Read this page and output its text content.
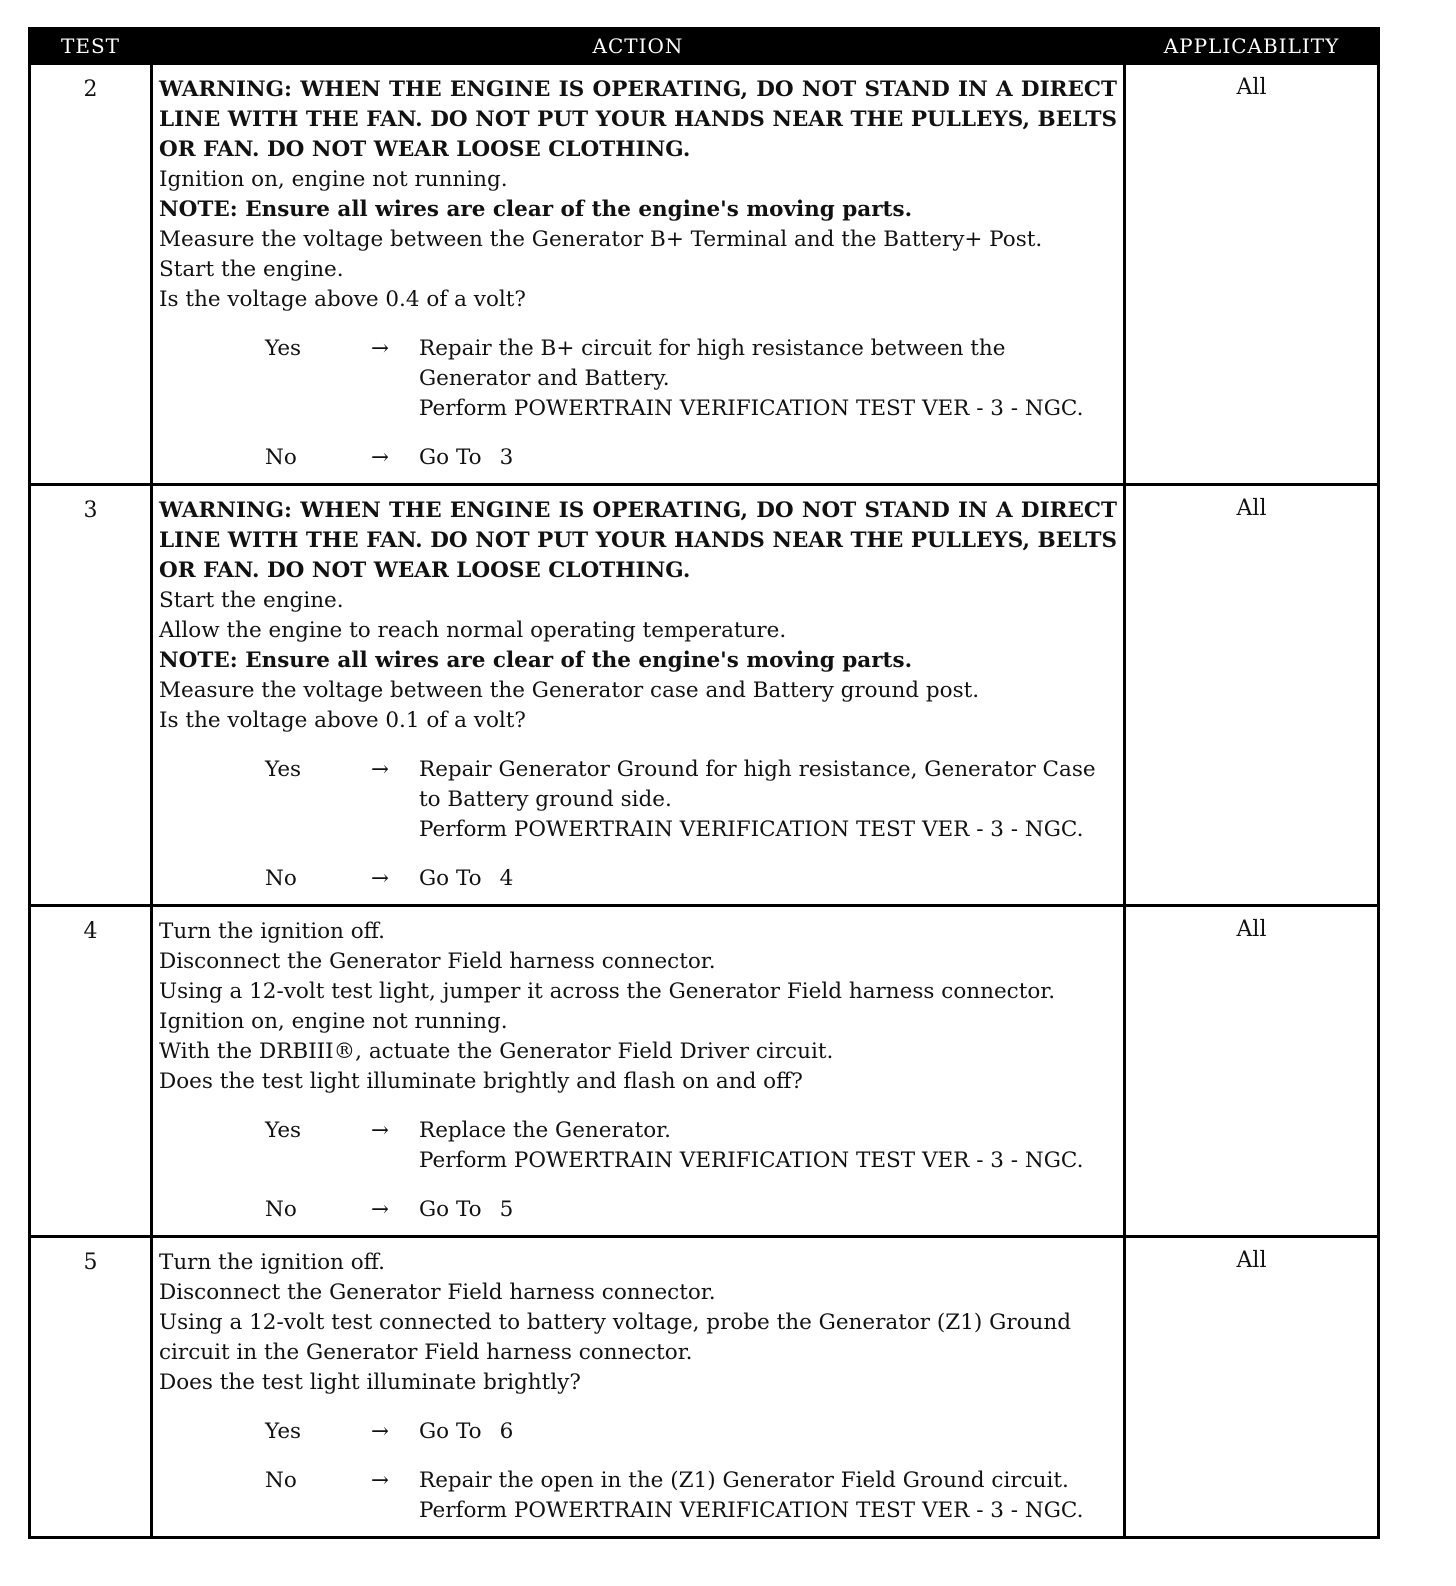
TEST	ACTION	APPLICABILITY
2	WARNING: WHEN THE ENGINE IS OPERATING, DO NOT STAND IN A DIRECT LINE WITH THE FAN. DO NOT PUT YOUR HANDS NEAR THE PULLEYS, BELTS OR FAN. DO NOT WEAR LOOSE CLOTHING.
Ignition on, engine not running.
NOTE: Ensure all wires are clear of the engine's moving parts.
Measure the voltage between the Generator B+ Terminal and the Battery+ Post.
Start the engine.
Is the voltage above 0.4 of a volt?
Yes	→	Repair the B+ circuit for high resistance between the Generator and Battery.
Perform POWERTRAIN VERIFICATION TEST VER - 3 - NGC.
No	→	Go To 3
All
3	WARNING: WHEN THE ENGINE IS OPERATING, DO NOT STAND IN A DIRECT LINE WITH THE FAN. DO NOT PUT YOUR HANDS NEAR THE PULLEYS, BELTS OR FAN. DO NOT WEAR LOOSE CLOTHING.
Start the engine.
Allow the engine to reach normal operating temperature.
NOTE: Ensure all wires are clear of the engine's moving parts.
Measure the voltage between the Generator case and Battery ground post.
Is the voltage above 0.1 of a volt?
Yes	→	Repair Generator Ground for high resistance, Generator Case to Battery ground side.
Perform POWERTRAIN VERIFICATION TEST VER - 3 - NGC.
No	→	Go To 4
All
4	Turn the ignition off.
Disconnect the Generator Field harness connector.
Using a 12-volt test light, jumper it across the Generator Field harness connector.
Ignition on, engine not running.
With the DRBIII®, actuate the Generator Field Driver circuit.
Does the test light illuminate brightly and flash on and off?
Yes	→	Replace the Generator.
Perform POWERTRAIN VERIFICATION TEST VER - 3 - NGC.
No	→	Go To 5
All
5	Turn the ignition off.
Disconnect the Generator Field harness connector.
Using a 12-volt test connected to battery voltage, probe the Generator (Z1) Ground circuit in the Generator Field harness connector.
Does the test light illuminate brightly?
Yes	→	Go To 6
No	→	Repair the open in the (Z1) Generator Field Ground circuit.
Perform POWERTRAIN VERIFICATION TEST VER - 3 - NGC.
All
